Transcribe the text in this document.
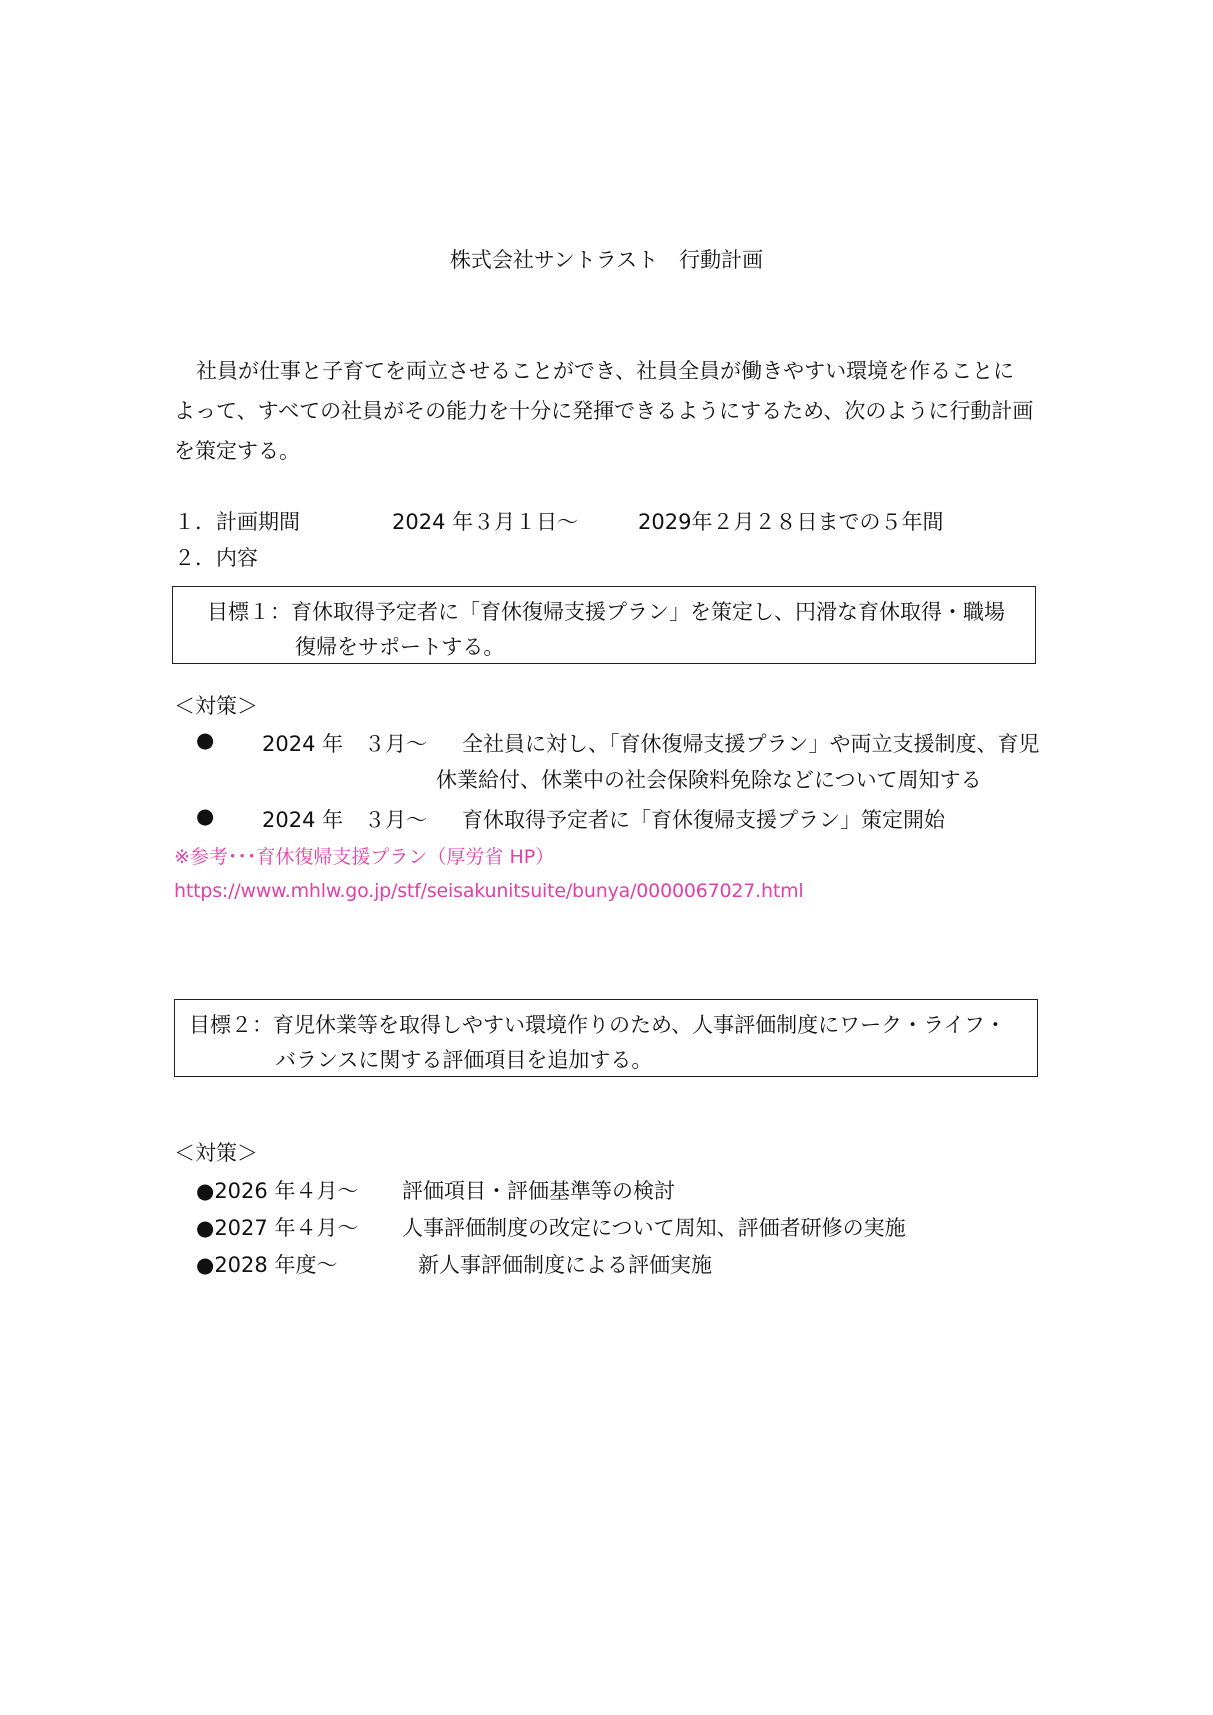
株式会社サントラスト　行動計画
社員が仕事と子育てを両立させることができ、社員全員が働きやすい環境を作ることに
よって、すべての社員がその能力を十分に発揮できるようにするため、次のように行動計画
を策定する。
１．計画期間	2024 年３月１日～	2029年２月２８日までの５年間
２．内容
目標１：育休取得予定者に「育休復帰支援プラン」を策定し、円滑な育休取得・職場
復帰をサポートする。
＜対策＞
● 2024 年　３月～ 全社員に対し、「育休復帰支援プラン」や両立支援制度、育児
休業給付、休業中の社会保険料免除などについて周知する
● 2024 年　３月～ 育休取得予定者に「育休復帰支援プラン」策定開始
※参考･･･育休復帰支援プラン（厚労省 HP）
https://www.mhlw.go.jp/stf/seisakunitsuite/bunya/0000067027.html
目標２：育児休業等を取得しやすい環境作りのため、人事評価制度にワーク・ライフ・
バランスに関する評価項目を追加する。
＜対策＞
●2026 年４月～ 評価項目・評価基準等の検討
●2027 年４月～ 人事評価制度の改定について周知、評価者研修の実施
●2028 年度～	新人事評価制度による評価実施
